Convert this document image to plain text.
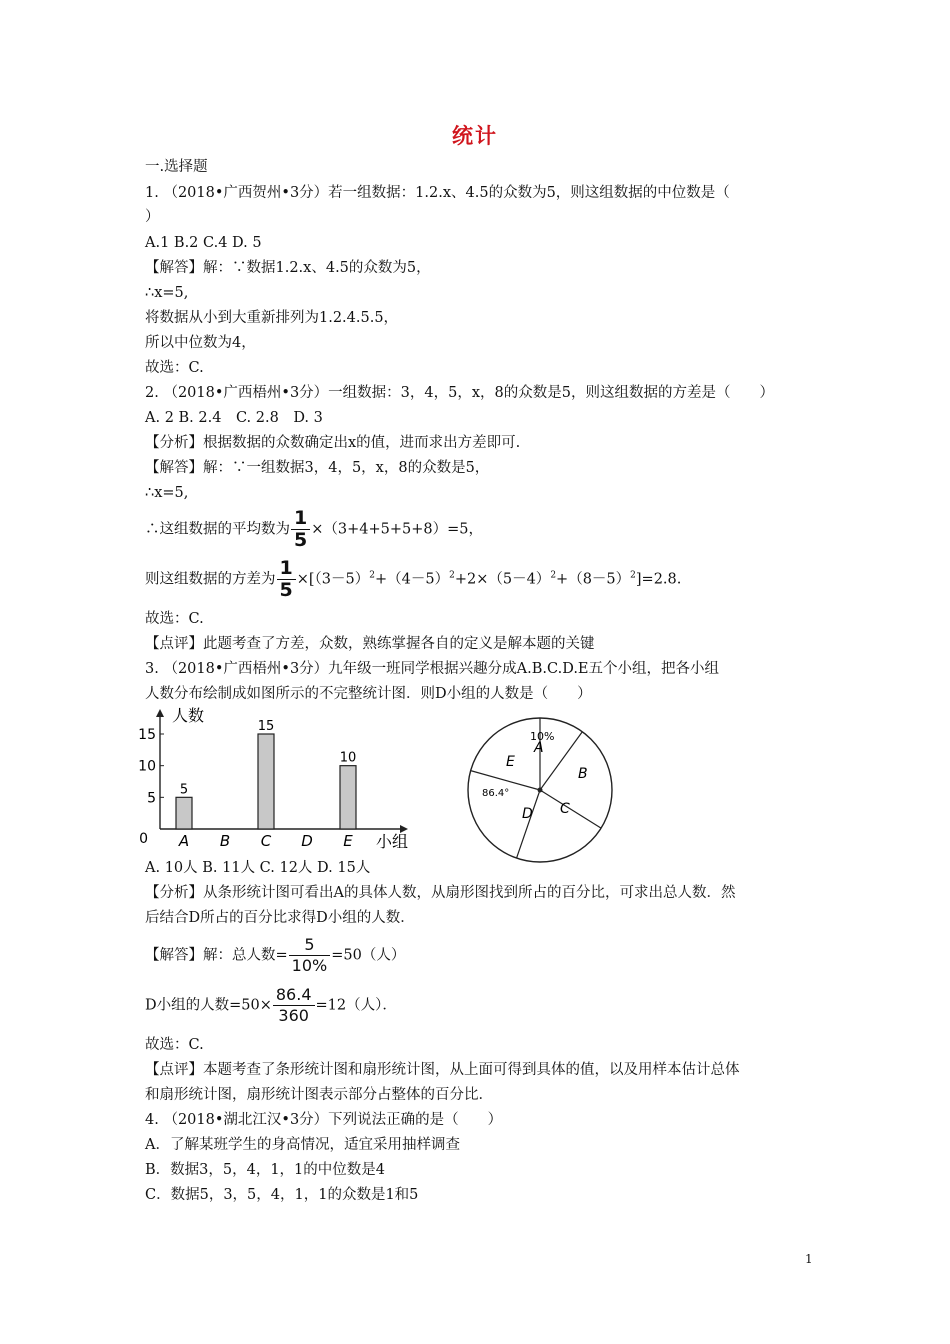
统计
一.选择题
1. （2018•广西贺州•3分）若一组数据：1.2.x、4.5的众数为5，则这组数据的中位数是（
）
A.1 B.2 C.4 D. 5
【解答】解：∵数据1.2.x、4.5的众数为5，
∴x=5,
将数据从小到大重新排列为1.2.4.5.5，
所以中位数为4，
故选：C.
2. （2018•广西梧州•3分）一组数据：3，4，5，x，8的众数是5，则这组数据的方差是（　　）
A. 2 B. 2.4　C. 2.8　D. 3
【分析】根据数据的众数确定出x的值，进而求出方差即可.
【解答】解：∵一组数据3，4，5，x，8的众数是5，
∴x=5,
∴这组数据的平均数为 $\frac{1}{5} \times(3+4+5+5+8)=5$，
则这组数据的方差为 $\frac{1}{5} \times[(3-5)^2+(4-5)^2+2\times(5-4)^2+(8-5)^2]=2.8$.
故选：C.
【点评】此题考查了方差，众数，熟练掌握各自的定义是解本题的关键
3. （2018•广西梧州•3分）九年级一班同学根据兴趣分成A.B.C.D.E五个小组，把各小组
人数分布绘制成如图所示的不完整统计图．则D小组的人数是（　　）
人数
小组
0
5
10
15
A
5
B C
15
D E
10
A
B
C
D
E
10%
86.4°
A. 10人 B. 11人 C. 12人 D. 15人
【分析】从条形统计图可看出A的具体人数，从扇形图找到所占的百分比，可求出总人数．然
后结合D所占的百分比求得D小组的人数．
【解答】解：总人数= $\frac{5}{10\%} =50$（人）
D小组的人数$=50\times \frac{86.4}{360} =12$（人）．
故选：C.
【点评】本题考查了条形统计图和扇形统计图，从上面可得到具体的值，以及用样本估计总体
和扇形统计图，扇形统计图表示部分占整体的百分比．
4. （2018•湖北江汉•3分）下列说法正确的是（　　）
A．了解某班学生的身高情况，适宜采用抽样调查
B．数据3，5，4，1，1的中位数是4
C．数据5，3，5，4，1，1的众数是1和5
1
